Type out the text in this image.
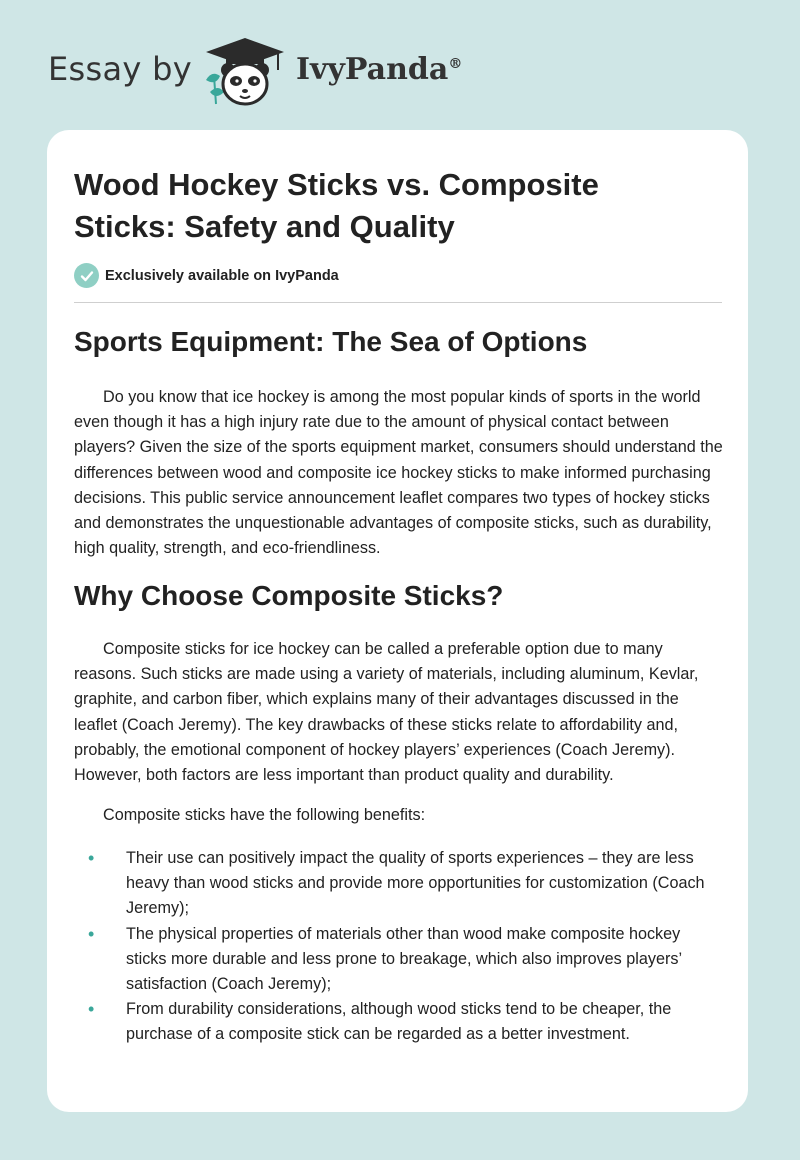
Essay by	IvyPanda®
Wood Hockey Sticks vs. Composite Sticks: Safety and Quality
Exclusively available on IvyPanda
Sports Equipment: The Sea of Options

Do you know that ice hockey is among the most popular kinds of sports in the world even though it has a high injury rate due to the amount of physical contact between players? Given the size of the sports equipment market, consumers should understand the differences between wood and composite ice hockey sticks to make informed purchasing decisions. This public service announcement leaflet compares two types of hockey sticks and demonstrates the unquestionable advantages of composite sticks, such as durability, high quality, strength, and eco-friendliness.

Why Choose Composite Sticks?

Composite sticks for ice hockey can be called a preferable option due to many reasons. Such sticks are made using a variety of materials, including aluminum, Kevlar, graphite, and carbon fiber, which explains many of their advantages discussed in the leaflet (Coach Jeremy). The key drawbacks of these sticks relate to affordability and, probably, the emotional component of hockey players’ experiences (Coach Jeremy). However, both factors are less important than product quality and durability.

Composite sticks have the following benefits:

• Their use can positively impact the quality of sports experiences – they are less heavy than wood sticks and provide more opportunities for customization (Coach Jeremy);
• The physical properties of materials other than wood make composite hockey sticks more durable and less prone to breakage, which also improves players’ satisfaction (Coach Jeremy);
• From durability considerations, although wood sticks tend to be cheaper, the purchase of a composite stick can be regarded as a better investment.
